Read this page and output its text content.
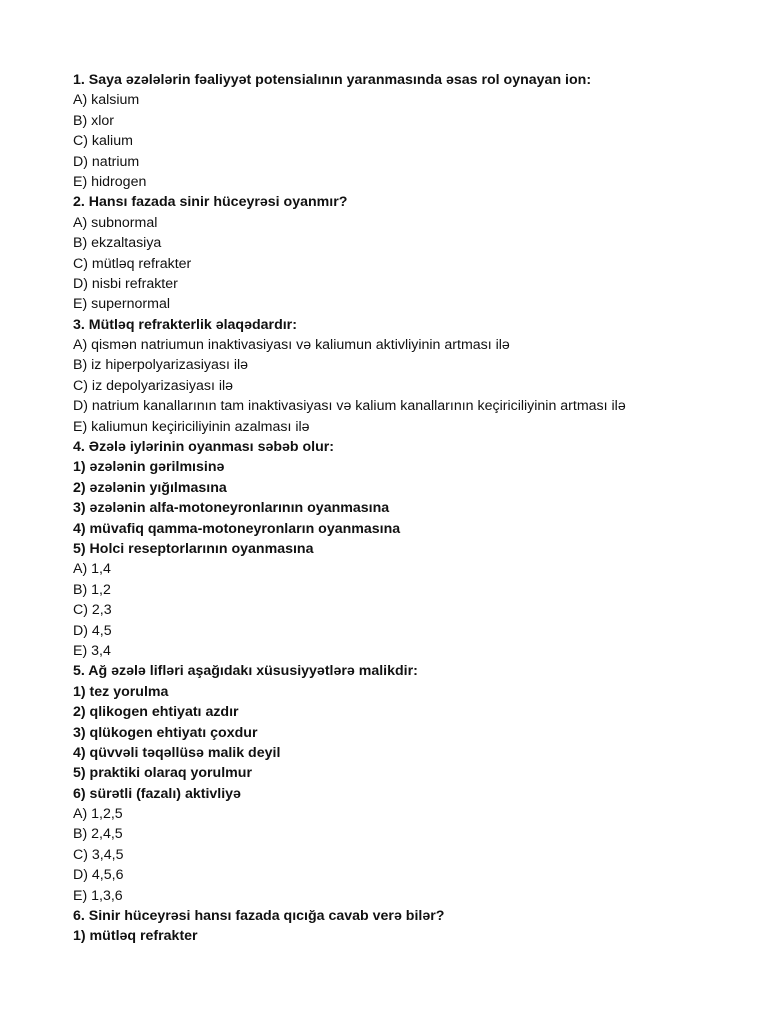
1. Saya əzələlərin fəaliyyət potensialının yaranmasında əsas rol oynayan ion:
A) kalsium
B) xlor
C) kalium
D) natrium
E) hidrogen
2. Hansı fazada sinir hüceyrəsi oyanmır?
A) subnormal
B) ekzaltasiya
C) mütləq refrakter
D) nisbi refrakter
E) supernormal
3. Mütləq refrakterlik əlaqədardır:
A) qismən natriumun inaktivasiyası və kaliumun aktivliyinin artması ilə
B) iz hiperpolyarizasiyası ilə
C) iz depolyarizasiyası ilə
D) natrium kanallarının tam inaktivasiyası və kalium kanallarının keçiriciliyinin artması ilə
E) kaliumun keçiriciliyinin azalması ilə
4. Əzələ iylərinin oyanması səbəb olur:
1) əzələnin gərilmısinə
2) əzələnin yığılmasına
3) əzələnin alfa-motoneyronlarının oyanmasına
4) müvafiq qamma-motoneyronların oyanmasına
5) Holci reseptorlarının oyanmasına
A) 1,4
B) 1,2
C) 2,3
D) 4,5
E) 3,4
5. Ağ əzələ lifləri aşağıdakı xüsusiyyətlərə malikdir:
1) tez yorulma
2) qlikogen ehtiyatı azdır
3) qlükogen ehtiyatı çoxdur
4) qüvvəli təqəllüsə malik deyil
5) praktiki olaraq yorulmur
6) sürətli (fazalı) aktivliyə
A) 1,2,5
B) 2,4,5
C) 3,4,5
D) 4,5,6
E) 1,3,6
6. Sinir hüceyrəsi hansı fazada qıcığa cavab verə bilər?
1) mütləq refrakter
